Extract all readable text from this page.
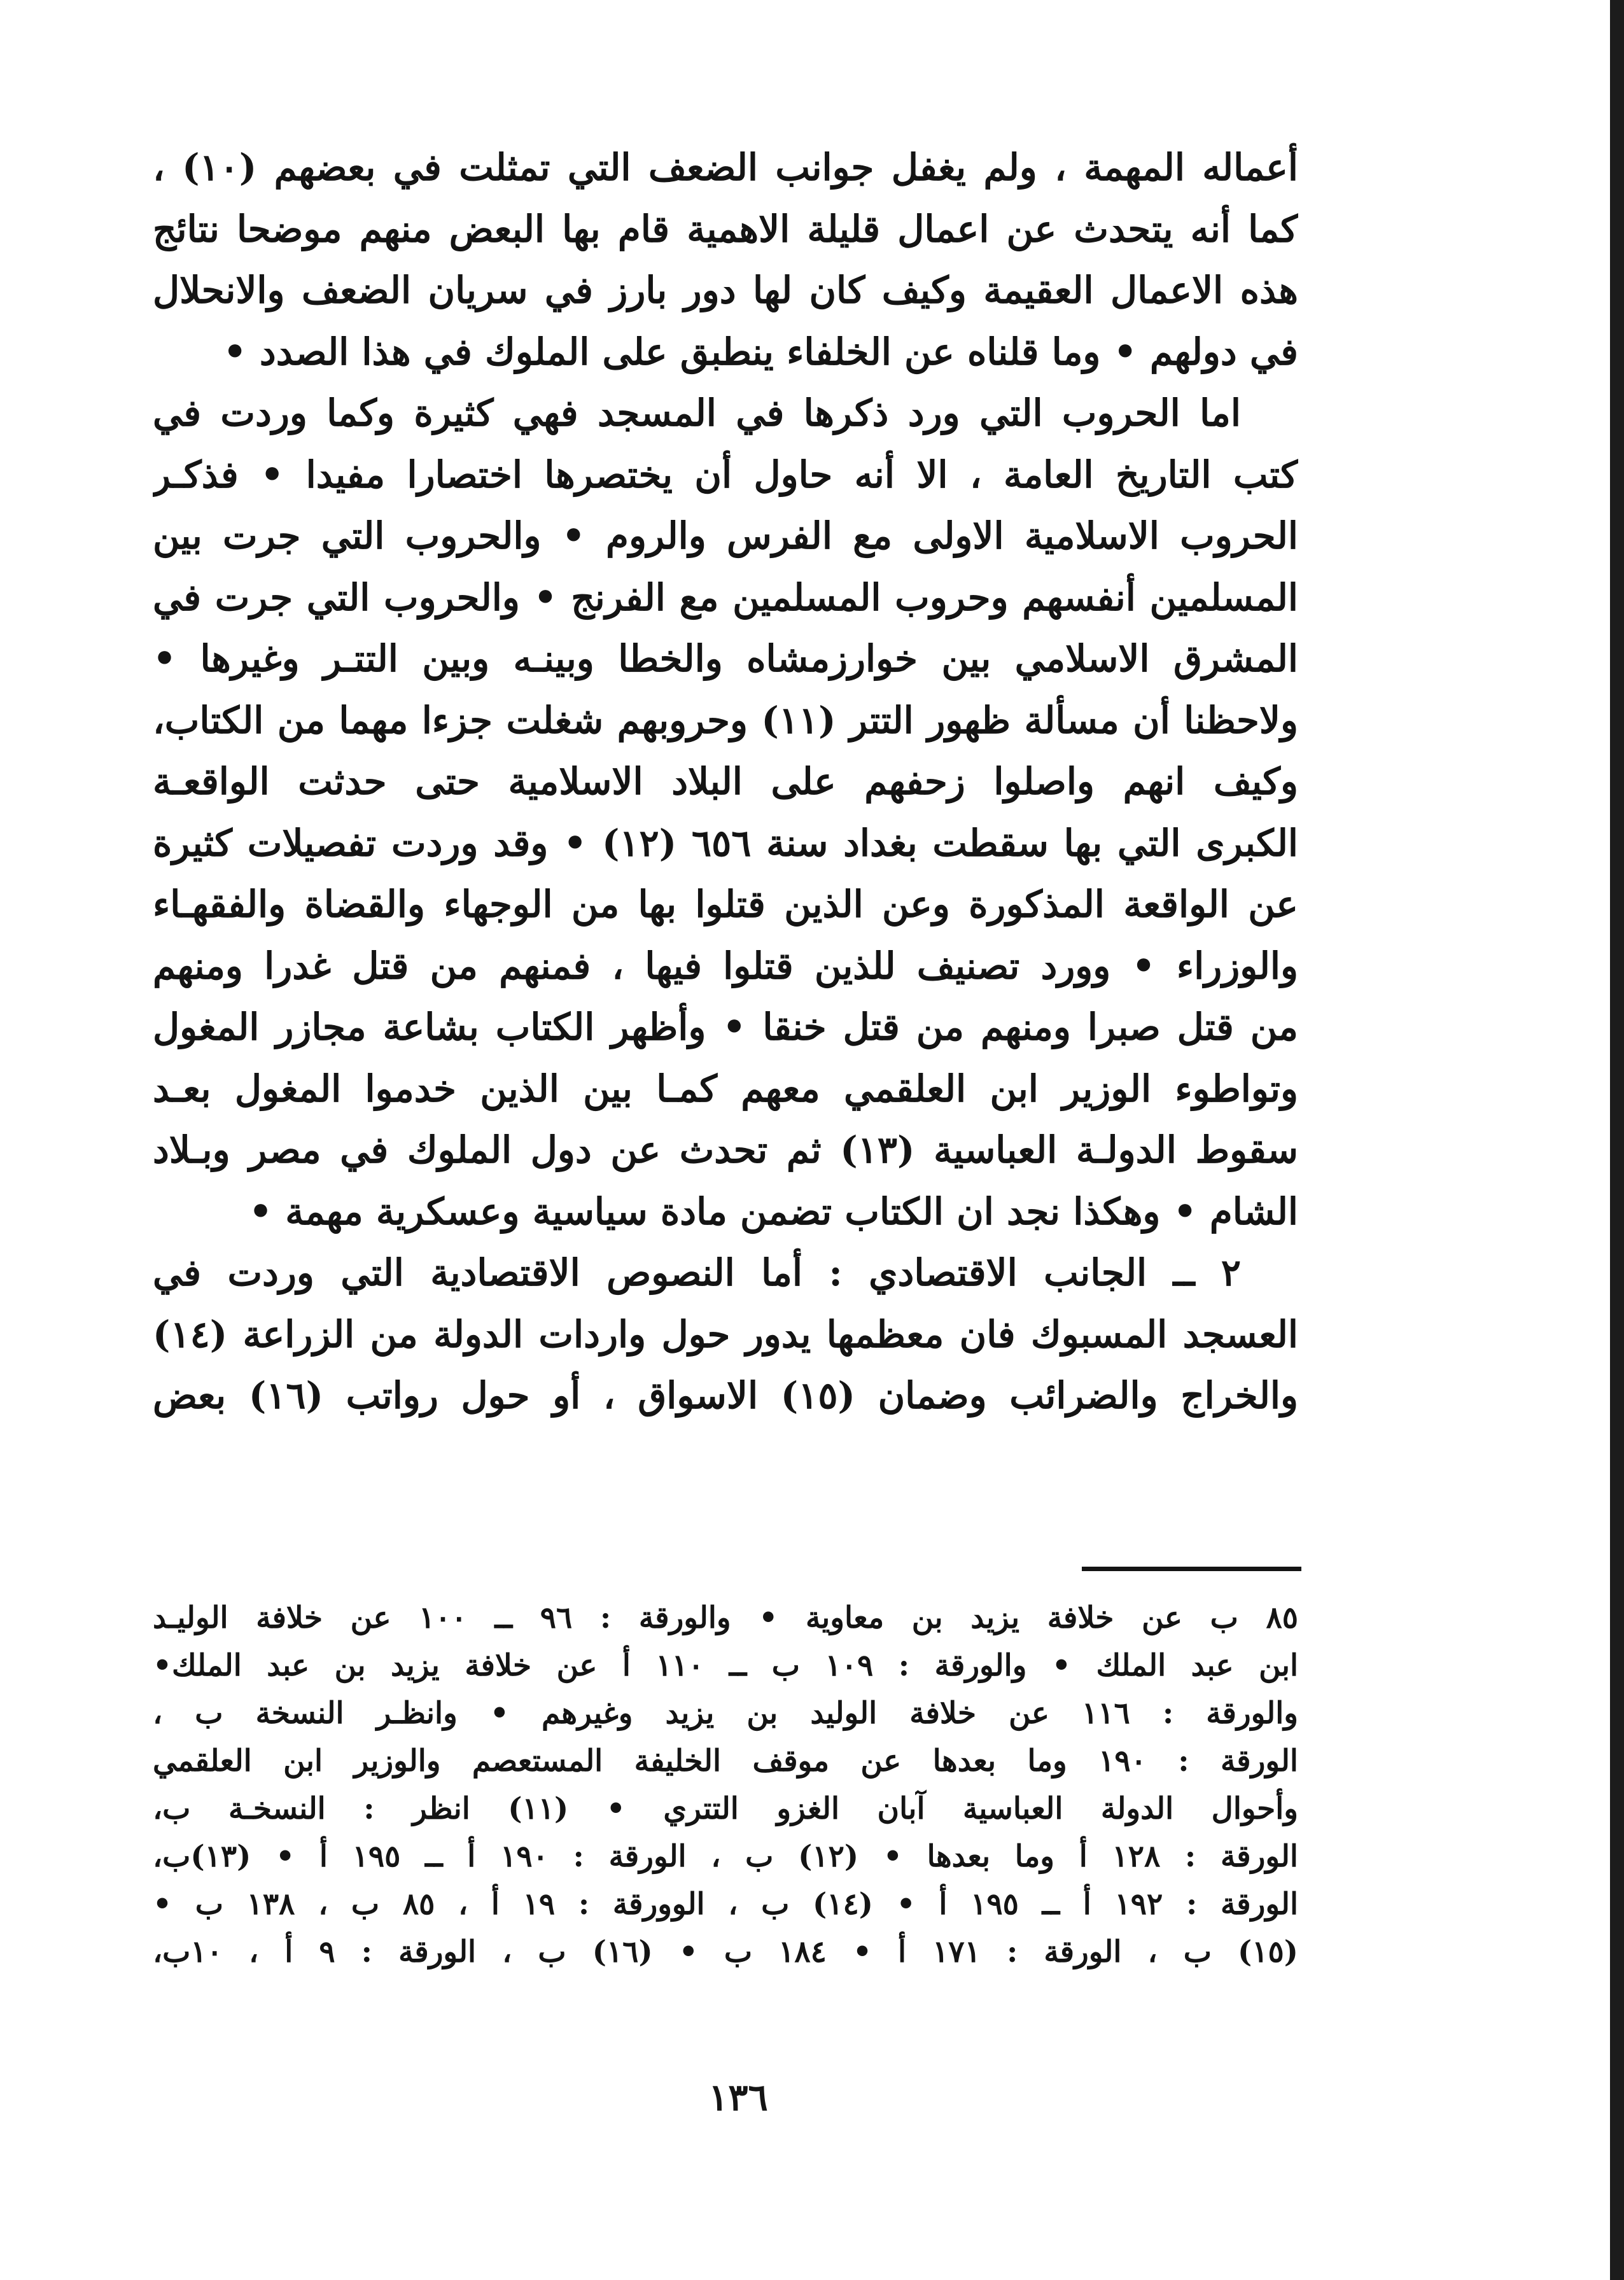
أعماله المهمة ، ولم يغفل جوانب الضعف التي تمثلت في بعضهم (١٠) ،
كما أنه يتحدث عن اعمال قليلة الاهمية قام بها البعض منهم موضحا نتائج
هذه الاعمال العقيمة وكيف كان لها دور بارز في سريان الضعف والانحلال
في دولهم • وما قلناه عن الخلفاء ينطبق على الملوك في هذا الصدد •
اما الحروب التي ورد ذكرها في المسجد فهي كثيرة وكما وردت في
كتب التاريخ العامة ، الا أنه حاول أن يختصرها اختصارا مفيدا • فذكـر
الحروب الاسلامية الاولى مع الفرس والروم • والحروب التي جرت بين
المسلمين أنفسهم وحروب المسلمين مع الفرنج • والحروب التي جرت في
المشرق الاسلامي بين خوارزمشاه والخطا وبينـه وبين التتـر وغيرها •
ولاحظنا أن مسألة ظهور التتر (١١) وحروبهم شغلت جزءا مهما من الكتاب،
وكيف انهم واصلوا زحفهم على البلاد الاسلامية حتى حدثت الواقعـة
الكبرى التي بها سقطت بغداد سنة ٦٥٦ (١٢) • وقد وردت تفصيلات كثيرة
عن الواقعة المذكورة وعن الذين قتلوا بها من الوجهاء والقضاة والفقهـاء
والوزراء • وورد تصنيف للذين قتلوا فيها ، فمنهم من قتل غدرا ومنهم
من قتل صبرا ومنهم من قتل خنقا • وأظهر الكتاب بشاعة مجازر المغول
وتواطوء الوزير ابن العلقمي معهم كمـا بين الذين خدموا المغول بعـد
سقوط الدولـة العباسية (١٣) ثم تحدث عن دول الملوك في مصر وبـلاد
الشام • وهكذا نجد ان الكتاب تضمن مادة سياسية وعسكرية مهمة •
٢ ــ الجانب الاقتصادي : أما النصوص الاقتصادية التي وردت في
العسجد المسبوك فان معظمها يدور حول واردات الدولة من الزراعة (١٤)
والخراج والضرائب وضمان (١٥) الاسواق ، أو حول رواتب (١٦) بعض
٨٥ ب عن خلافة يزيد بن معاوية • والورقة : ٩٦ ــ ١٠٠ عن خلافة الوليـد
ابن عبد الملك • والورقة : ١٠٩ ب ــ ١١٠ أ عن خلافة يزيد بن عبد الملك•
والورقة : ١١٦ عن خلافة الوليد بن يزيد وغيرهم • وانظـر النسخة ب ،
الورقة : ١٩٠ وما بعدها عن موقف الخليفة المستعصم والوزير ابن العلقمي
وأحوال الدولة العباسية آبان الغزو التتري • (١١) انظر : النسخـة ب،
الورقة : ١٢٨ أ وما بعدها • (١٢) ب ، الورقة : ١٩٠ أ ــ ١٩٥ أ • (١٣)ب،
الورقة : ١٩٢ أ ــ ١٩٥ أ • (١٤) ب ، الوورقة : ١٩ أ ، ٨٥ ب ، ١٣٨ ب •
(١٥) ب ، الورقة : ١٧١ أ • ١٨٤ ب • (١٦) ب ، الورقة : ٩ أ ، ١٠ب،
١٣٦
